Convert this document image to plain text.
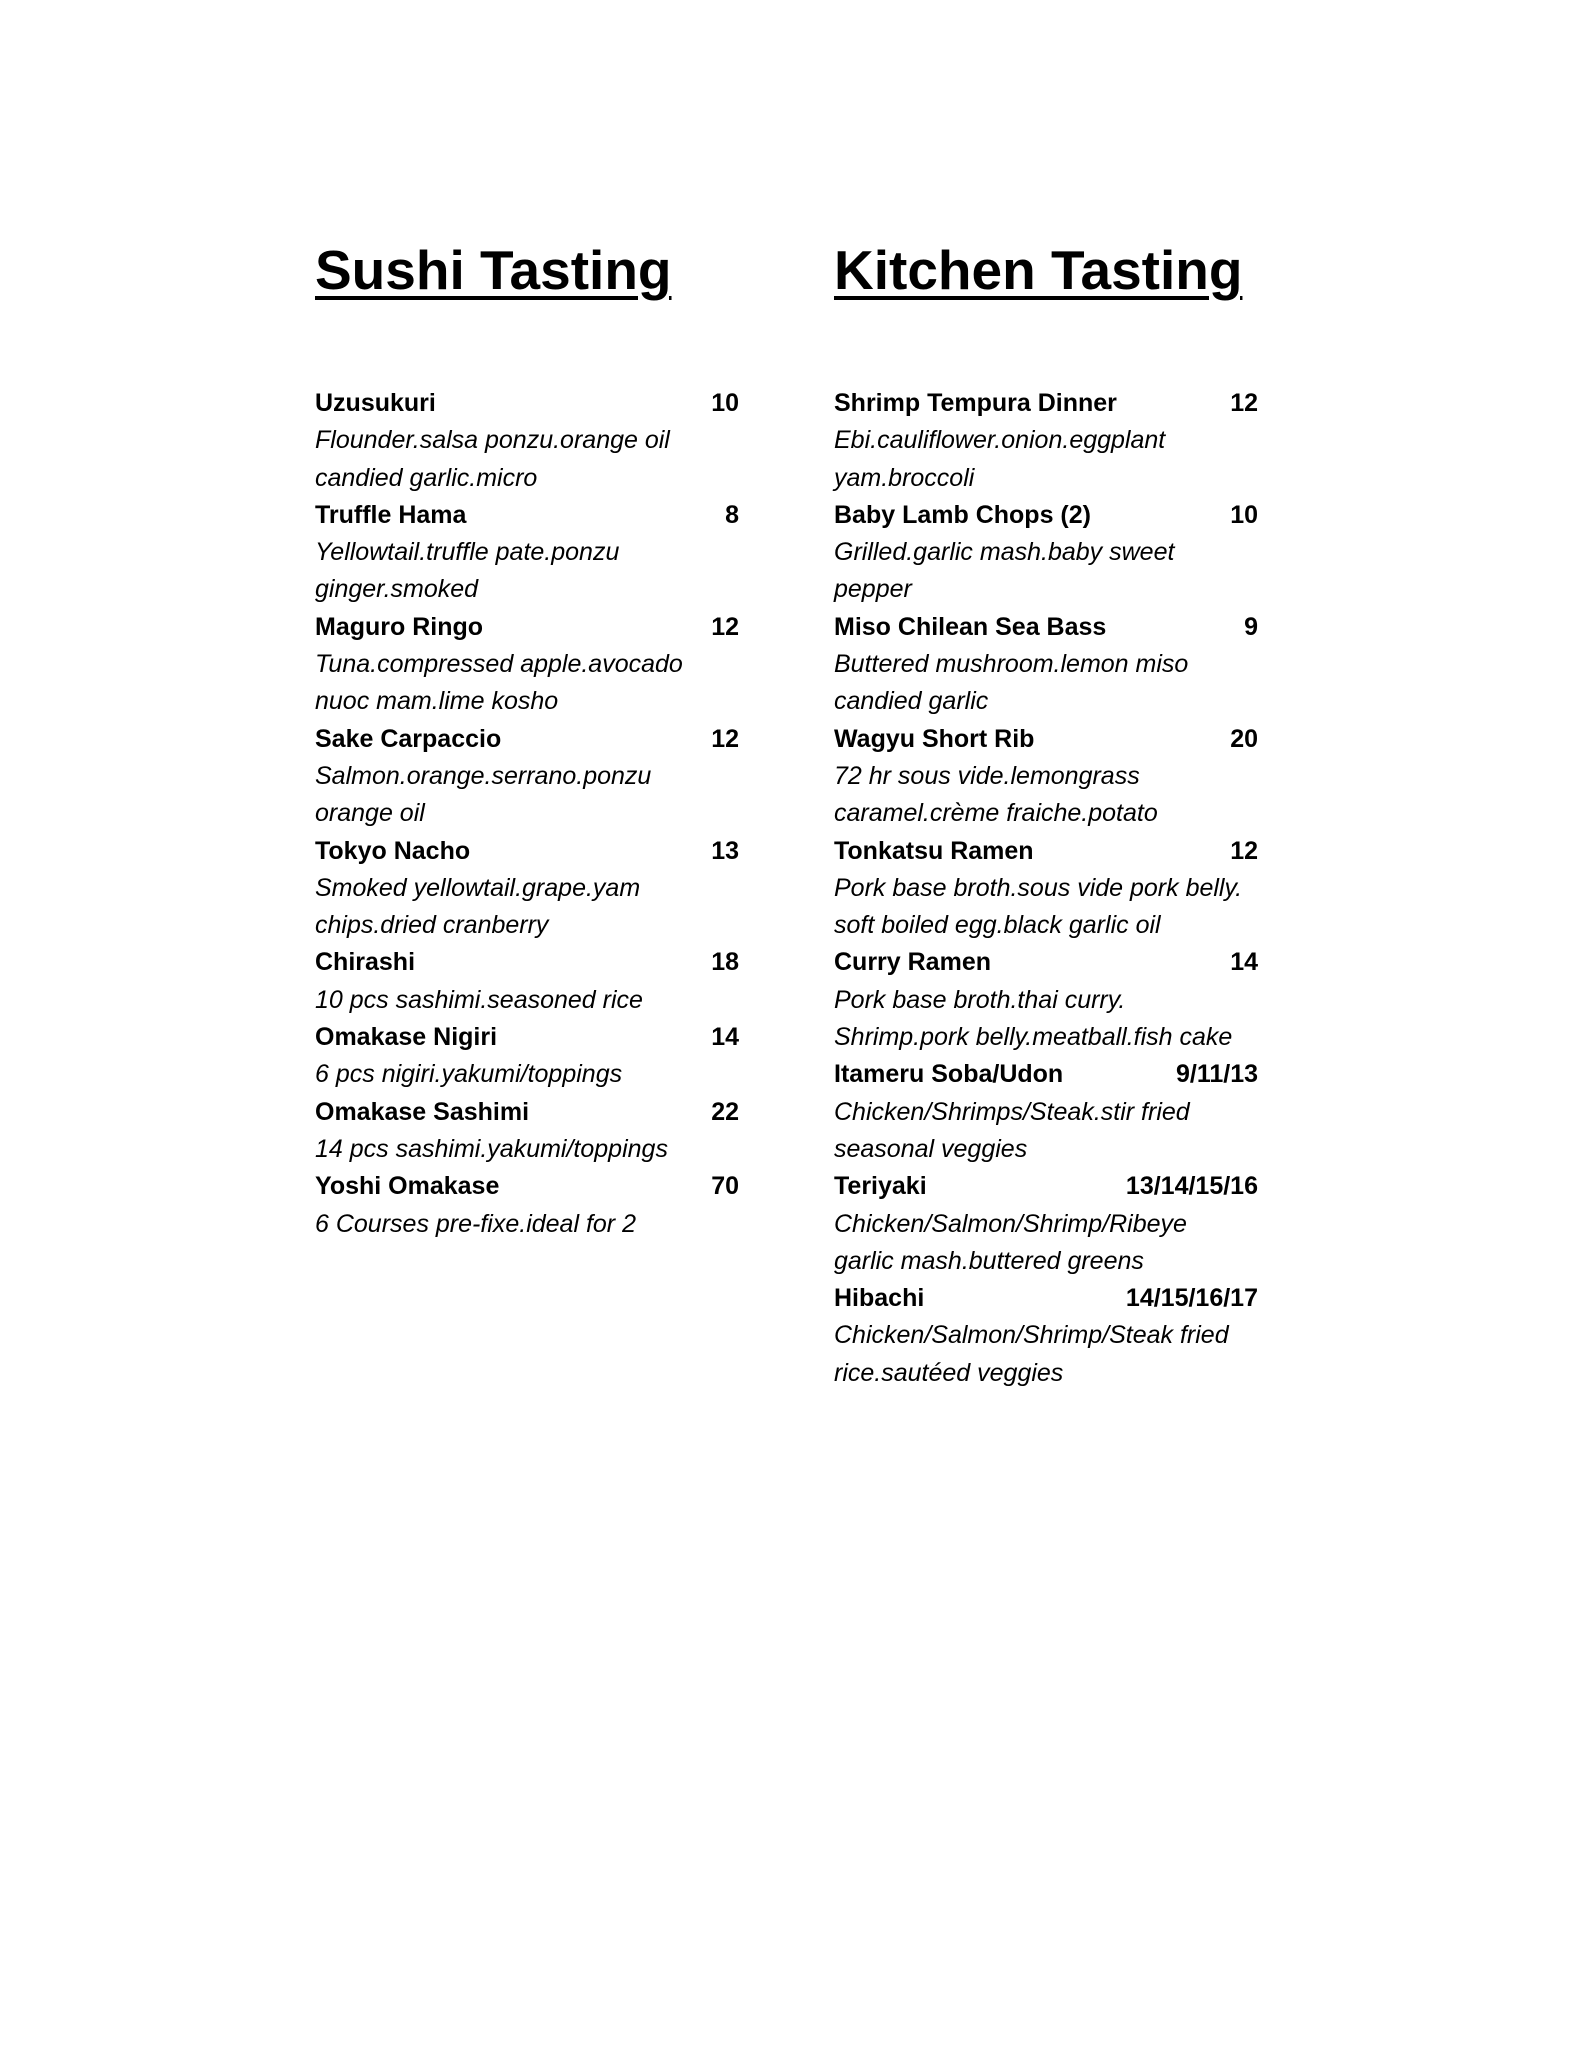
Sushi Tasting
Uzusukuri	10
Flounder.salsa ponzu.orange oil
candied garlic.micro
Truffle Hama	8
Yellowtail.truffle pate.ponzu
ginger.smoked
Maguro Ringo	12
Tuna.compressed apple.avocado
nuoc mam.lime kosho
Sake Carpaccio	12
Salmon.orange.serrano.ponzu
orange oil
Tokyo Nacho	13
Smoked yellowtail.grape.yam
chips.dried cranberry
Chirashi	18
10 pcs sashimi.seasoned rice
Omakase Nigiri	14
6 pcs nigiri.yakumi/toppings
Omakase Sashimi	22
14 pcs sashimi.yakumi/toppings
Yoshi Omakase	70
6 Courses pre-fixe.ideal for 2
Kitchen Tasting
Shrimp Tempura Dinner	12
Ebi.cauliflower.onion.eggplant
yam.broccoli
Baby Lamb Chops (2)	10
Grilled.garlic mash.baby sweet
pepper
Miso Chilean Sea Bass	9
Buttered mushroom.lemon miso
candied garlic
Wagyu Short Rib	20
72 hr sous vide.lemongrass
caramel.crème fraiche.potato
Tonkatsu Ramen	12
Pork base broth.sous vide pork belly.
soft boiled egg.black garlic oil
Curry Ramen	14
Pork base broth.thai curry.
Shrimp.pork belly.meatball.fish cake
Itameru Soba/Udon	9/11/13
Chicken/Shrimps/Steak.stir fried
seasonal veggies
Teriyaki	13/14/15/16
Chicken/Salmon/Shrimp/Ribeye
garlic mash.buttered greens
Hibachi	14/15/16/17
Chicken/Salmon/Shrimp/Steak fried
rice.sautéed veggies
